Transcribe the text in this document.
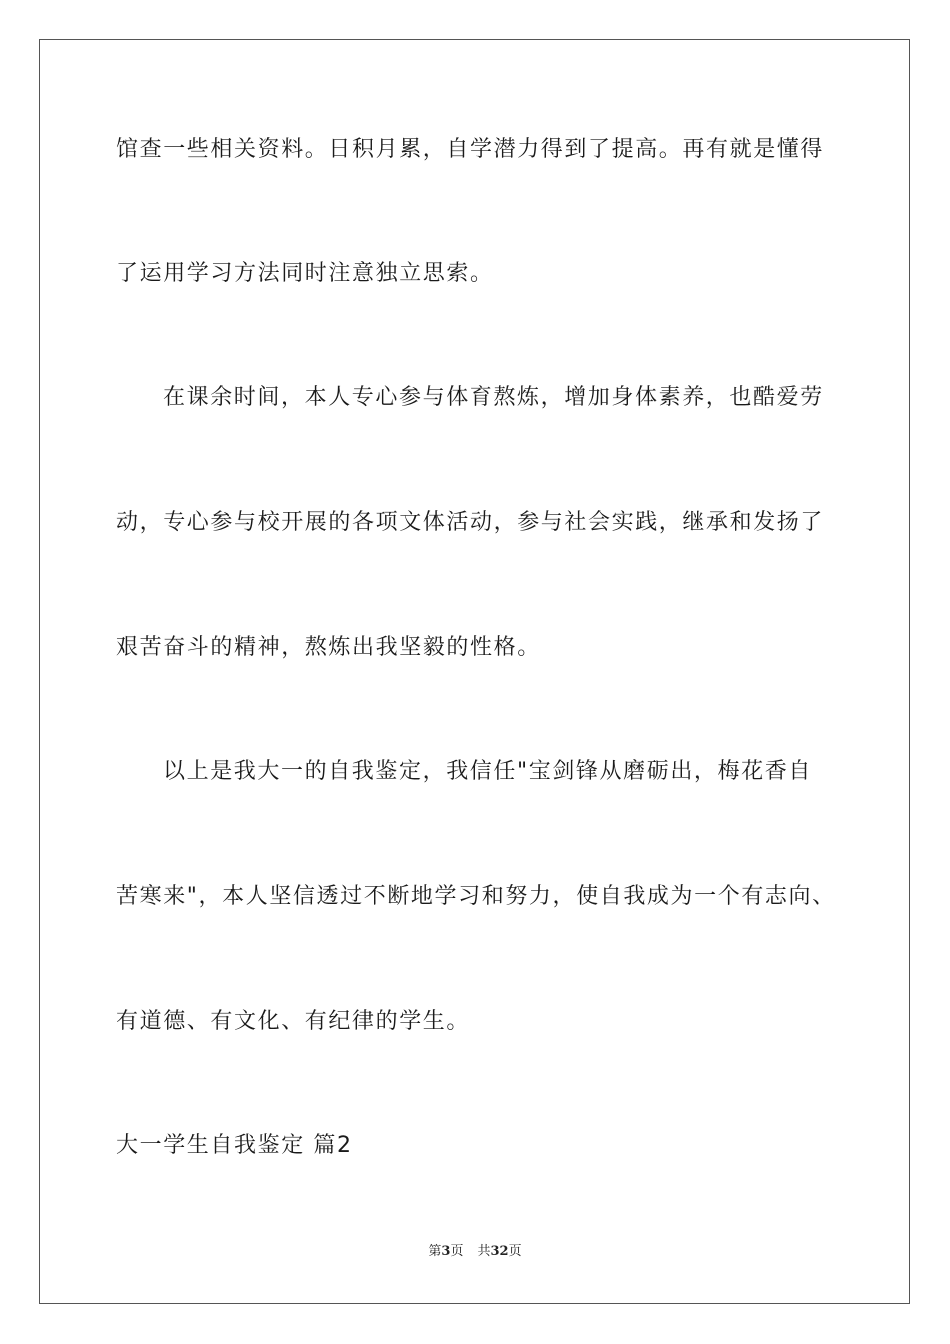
馆查一些相关资料。日积月累，自学潜力得到了提高。再有就是懂得
了运用学习方法同时注意独立思索。
在课余时间，本人专心参与体育熬炼，增加身体素养，也酷爱劳
动，专心参与校开展的各项文体活动，参与社会实践，继承和发扬了
艰苦奋斗的精神，熬炼出我坚毅的性格。
以上是我大一的自我鉴定，我信任"宝剑锋从磨砺出，梅花香自
苦寒来"，本人坚信透过不断地学习和努力，使自我成为一个有志向、
有道德、有文化、有纪律的学生。
大一学生自我鉴定 篇2
第3页 共32页
